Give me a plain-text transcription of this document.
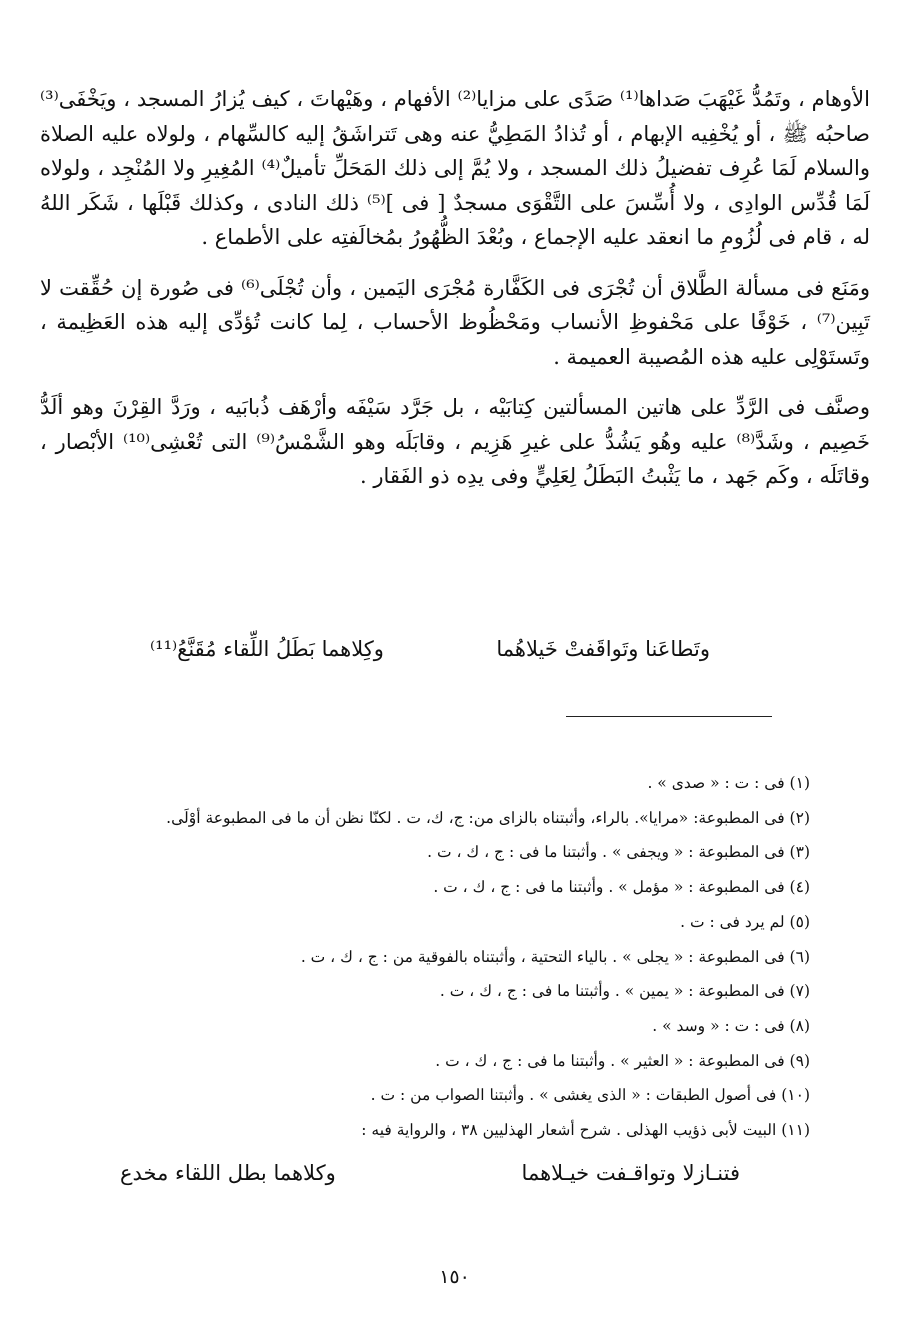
الأوهام ، وتَمُدُّ غَيْهَبَ صَداها⁽¹⁾ صَدًى على مزايا⁽²⁾ الأفهام ، وهَيْهاتَ ، كيف يُزارُ المسجد ، ويَخْفَى⁽³⁾ صاحبُه ﷺ ، أو يُخْفِيه الإبهام ، أو تُذادُ المَطِيُّ عنه وهى تَتراشَقُ إليه كالسِّهام ، ولولاه عليه الصلاة والسلام لَمَا عُرِف تفضيلُ ذلك المسجد ، ولا يُمَّ إلى ذلك المَحَلِّ تأميلٌ⁽⁴⁾ المُغِيرِ ولا المُنْجِد ، ولولاه لَمَا قُدِّس الوادِى ، ولا أُسِّسَ على التَّقْوَى مسجدٌ [ فى ]⁽⁵⁾ ذلك النادى ، وكذلك قَبْلَها ، شَكَر اللهُ له ، قام فى لُزُومِ ما انعقد عليه الإجماع ، وبُعْدَ الظُّهُورُ بمُخالَفتِه على الأطماع .

ومَنَع فى مسألة الطَّلاق أن تُجْرَى فى الكَفَّارة مُجْرَى اليَمين ، وأن تُجْلَى⁽⁶⁾ فى صُورة إن حُقِّقت لا تَبِين⁽⁷⁾ ، خَوْفًا على مَحْفوظِ الأنساب ومَحْظُوظ الأحساب ، لِما كانت تُؤدِّى إليه هذه العَظِيمة ، وتَستَوْلِى عليه هذه المُصيبة العميمة .

وصنَّف فى الرَّدِّ على هاتين المسألتين كِتابَيْه ، بل جَرَّد سَيْفَه وأرْهَف ذُبابَيه ، ورَدَّ القِرْنَ وهو ألَدُّ خَصِيم ، وشَدَّ⁽⁸⁾ عليه وهُو يَشُدُّ على غيرِ هَزِيم ، وقابَلَه وهو الشَّمْسُ⁽⁹⁾ التى تُعْشِى⁽¹⁰⁾ الأبْصار ، وقاتَلَه ، وكَم جَهد ، ما يَثْبتُ البَطَلُ لِعَلِيٍّ وفى يدِه ذو الفَقار .

وتَطاعَنا وتَواقَفتْ خَيلاهُما
وكِلاهما بَطَلُ اللِّقاء مُقَنَّعُ⁽¹¹⁾
(١) فى : ت : « صدى » .
(٢) فى المطبوعة: «مرايا». بالراء، وأثبتناه بالزاى من: ج، ك، ت . لكنّا نظن أن ما فى المطبوعة أوْلَى.
(٣) فى المطبوعة : « ويجفى » . وأثبتنا ما فى : ج ، ك ، ت .
(٤) فى المطبوعة : « مؤمل » . وأثبتنا ما فى : ج ، ك ، ت .
(٥) لم يرد فى : ت .
(٦) فى المطبوعة : « يجلى » . بالياء التحتية ، وأثبتناه بالفوقية من : ج ، ك ، ت .
(٧) فى المطبوعة : « يمين » . وأثبتنا ما فى : ج ، ك ، ت .
(٨) فى : ت : « وسد » .
(٩) فى المطبوعة : « العثير » . وأثبتنا ما فى : ج ، ك ، ت .
(١٠) فى أصول الطبقات : « الذى يغشى » . وأثبتنا الصواب من : ت .
(١١) البيت لأبى ذؤيب الهذلى . شرح أشعار الهذليين ٣٨ ، والرواية فيه :
فتنـازلا وتواقـفت خيـلاهما
وكلاهما بطل اللقاء مخدع
١٥٠
